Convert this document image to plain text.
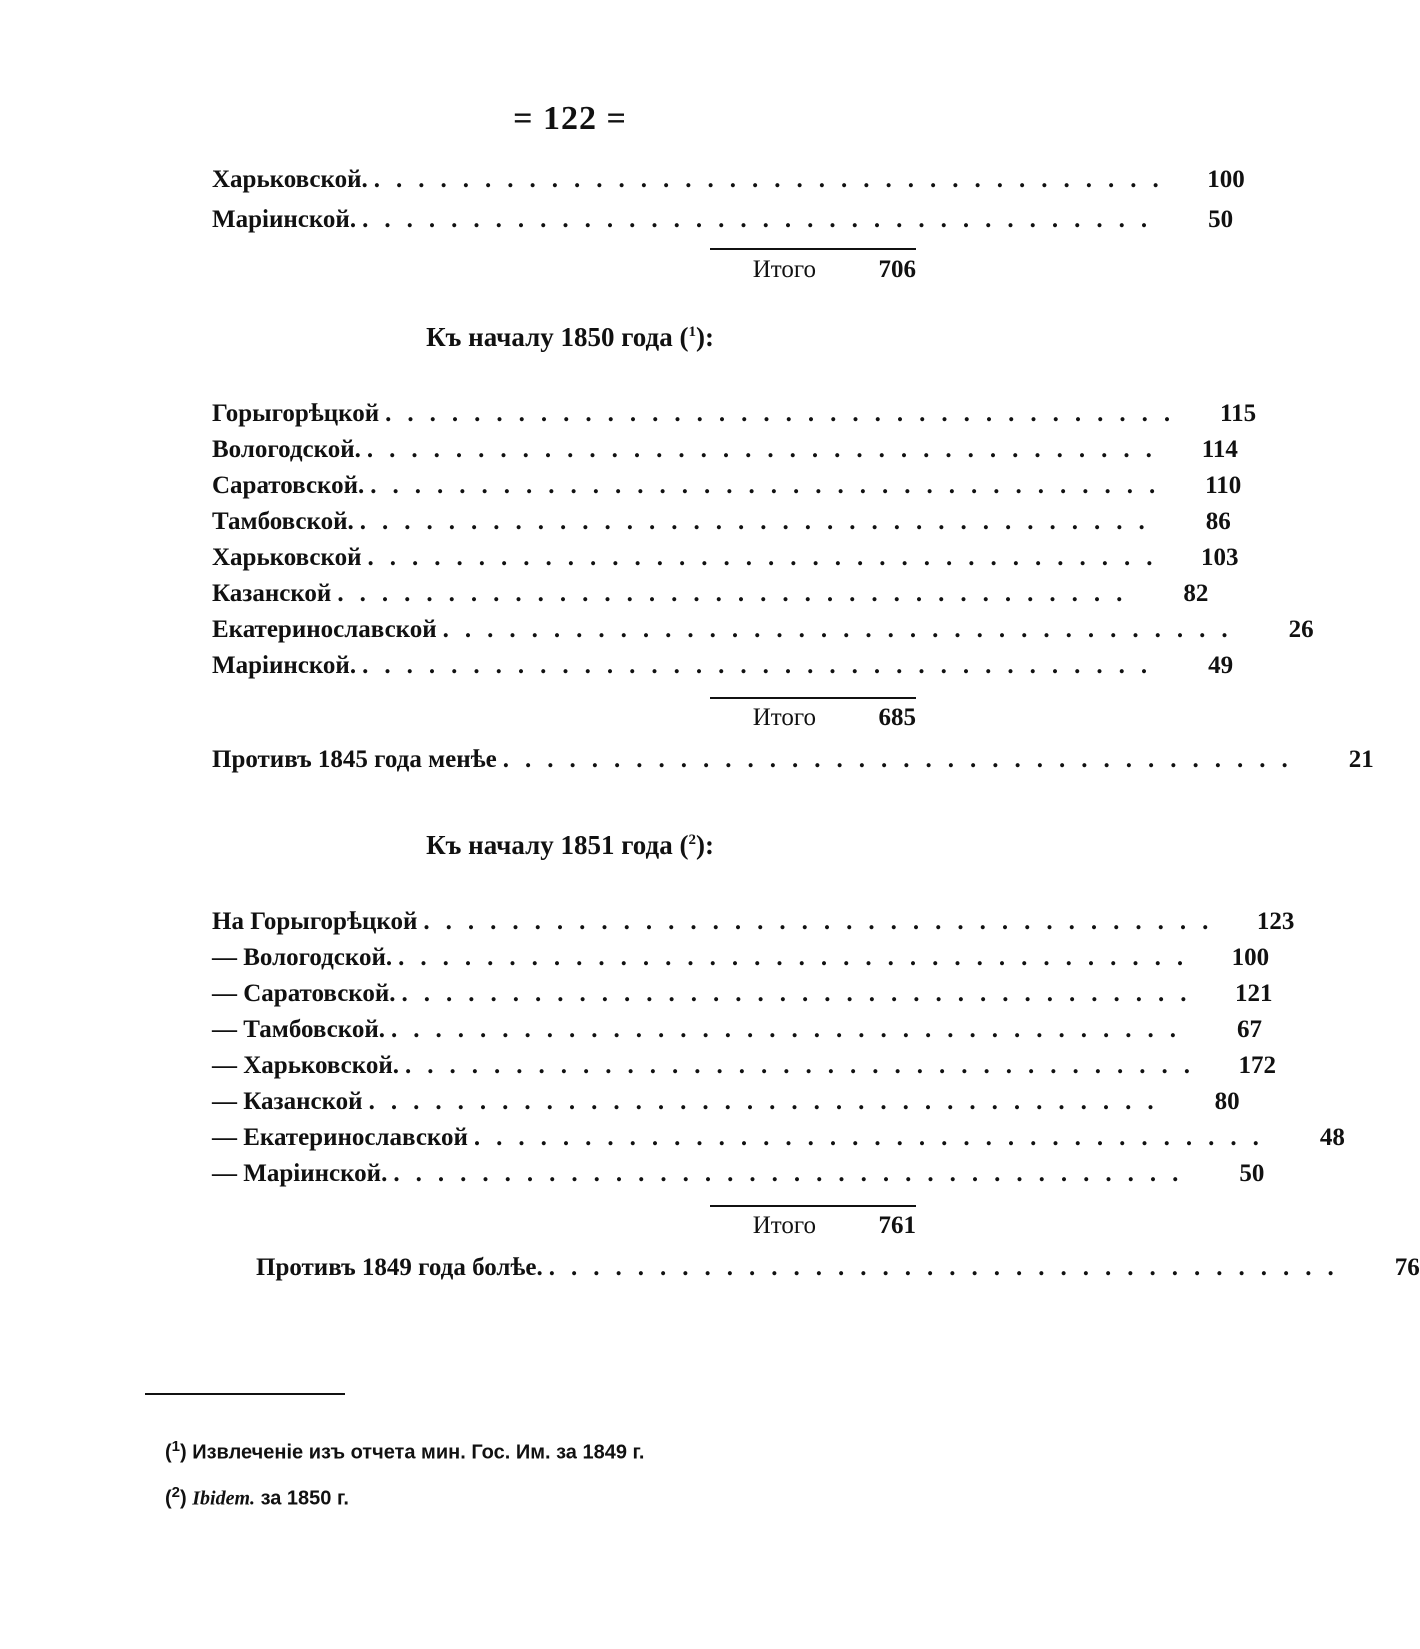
= 122 =
Харьковской. ....................................	100
Маріинской. ....................................	50
Итого	706
Къ началу 1850 года ($^1$):
Горыгорѣцкой ....................................	115
Вологодской. ....................................	114
Саратовской. ....................................	110
Тамбовской. ....................................	86
Харьковской ....................................	103
Казанской ....................................	82
Екатеринославской ....................................	26
Маріинской. ....................................	49
Итого	685
Противъ 1845 года менѣе ....................................	21
Къ началу 1851 года ($^2$):
На Горыгорѣцкой ....................................	123
— Вологодской. ....................................	100
— Саратовской. ....................................	121
— Тамбовской. ....................................	67
— Харьковской. ....................................	172
— Казанской ....................................	80
— Екатеринославской ....................................	48
— Маріинской. ....................................	50
Итого	761
Противъ 1849 года болѣе. ....................................	76
($^1$) Извлеченіе изъ отчета мин. Гос. Им. за 1849 г.
($^2$) Ibidem. за 1850 г.
